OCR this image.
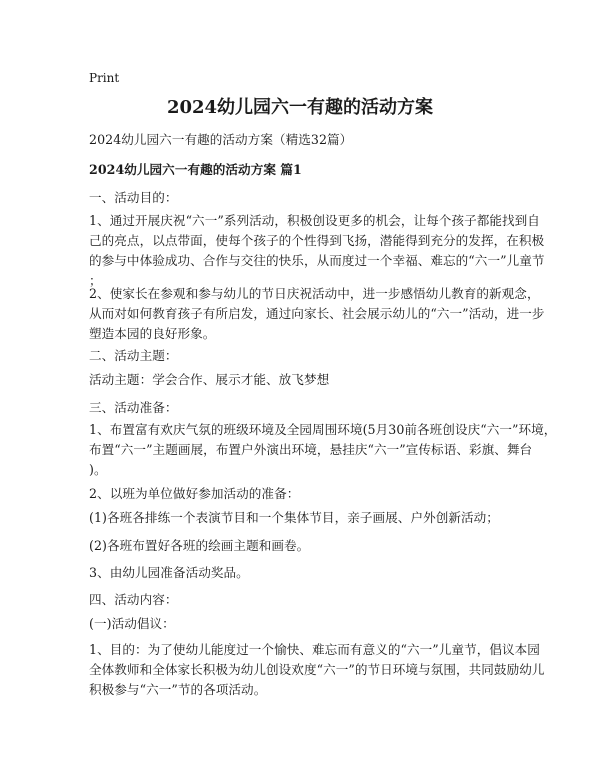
Print
2024幼儿园六一有趣的活动方案
2024幼儿园六一有趣的活动方案（精选32篇）
2024幼儿园六一有趣的活动方案 篇1
一、活动目的：
1、通过开展庆祝“六一”系列活动，积极创设更多的机会，让每个孩子都能找到自
己的亮点，以点带面，使每个孩子的个性得到飞扬，潜能得到充分的发挥，在积极
的参与中体验成功、合作与交往的快乐，从而度过一个幸福、难忘的“六一”儿童节
；
2、使家长在参观和参与幼儿的节日庆祝活动中，进一步感悟幼儿教育的新观念，
从而对如何教育孩子有所启发，通过向家长、社会展示幼儿的“六一”活动，进一步
塑造本园的良好形象。
二、活动主题：
活动主题：学会合作、展示才能、放飞梦想
三、活动准备：
1、布置富有欢庆气氛的班级环境及全园周围环境(5月30前各班创设庆“六一”环境，
布置“六一”主题画展，布置户外演出环境，悬挂庆“六一”宣传标语、彩旗、舞台
)。
2、以班为单位做好参加活动的准备：
(1)各班各排练一个表演节目和一个集体节目，亲子画展、户外创新活动；
(2)各班布置好各班的绘画主题和画卷。
3、由幼儿园准备活动奖品。
四、活动内容：
(一)活动倡议：
1、目的：为了使幼儿能度过一个愉快、难忘而有意义的“六一”儿童节，倡议本园
全体教师和全体家长积极为幼儿创设欢度“六一”的节日环境与氛围，共同鼓励幼儿
积极参与“六一”节的各项活动。
